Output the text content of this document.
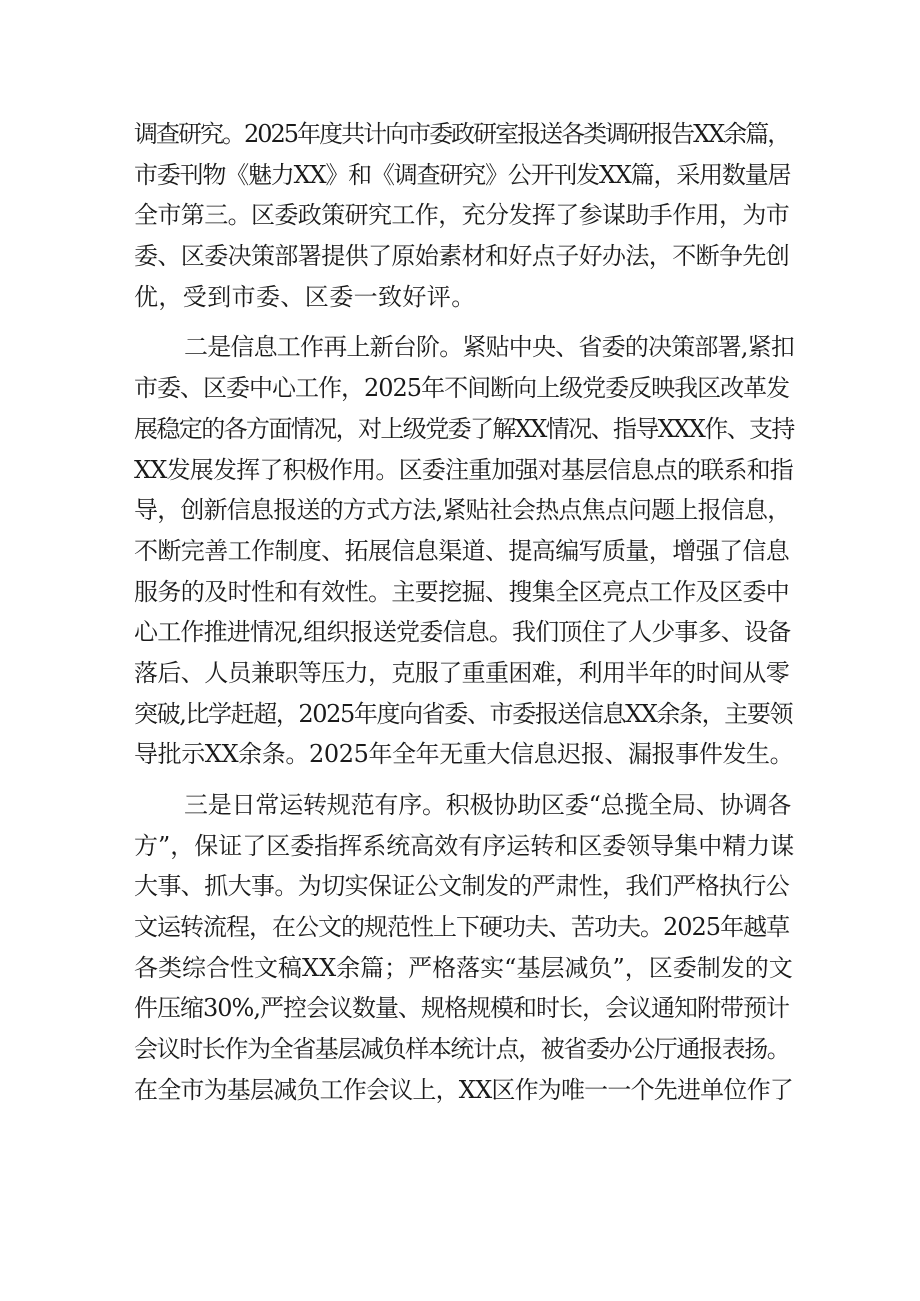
调查研究。2025年度共计向市委政研室报送各类调研报告XX余篇，
市委刊物《魅力XX》和《调查研究》公开刊发XX篇，采用数量居
全市第三。区委政策研究工作，充分发挥了参谋助手作用，为市
委、区委决策部署提供了原始素材和好点子好办法，不断争先创
优，受到市委、区委一致好评。
二是信息工作再上新台阶。紧贴中央、省委的决策部署,紧扣
市委、区委中心工作，2025年不间断向上级党委反映我区改革发
展稳定的各方面情况，对上级党委了解XX情况、指导XXX作、支持
XX发展发挥了积极作用。区委注重加强对基层信息点的联系和指
导，创新信息报送的方式方法,紧贴社会热点焦点问题上报信息，
不断完善工作制度、拓展信息渠道、提高编写质量，增强了信息
服务的及时性和有效性。主要挖掘、搜集全区亮点工作及区委中
心工作推进情况,组织报送党委信息。我们顶住了人少事多、设备
落后、人员兼职等压力，克服了重重困难，利用半年的时间从零
突破,比学赶超，2025年度向省委、市委报送信息XX余条，主要领
导批示XX余条。2025年全年无重大信息迟报、漏报事件发生。
三是日常运转规范有序。积极协助区委“总揽全局、协调各
方”，保证了区委指挥系统高效有序运转和区委领导集中精力谋
大事、抓大事。为切实保证公文制发的严肃性，我们严格执行公
文运转流程，在公文的规范性上下硬功夫、苦功夫。2025年越草
各类综合性文稿XX余篇；严格落实“基层减负”，区委制发的文
件压缩30%,严控会议数量、规格规模和时长，会议通知附带预计
会议时长作为全省基层减负样本统计点，被省委办公厅通报表扬。
在全市为基层减负工作会议上，XX区作为唯一一个先进单位作了
